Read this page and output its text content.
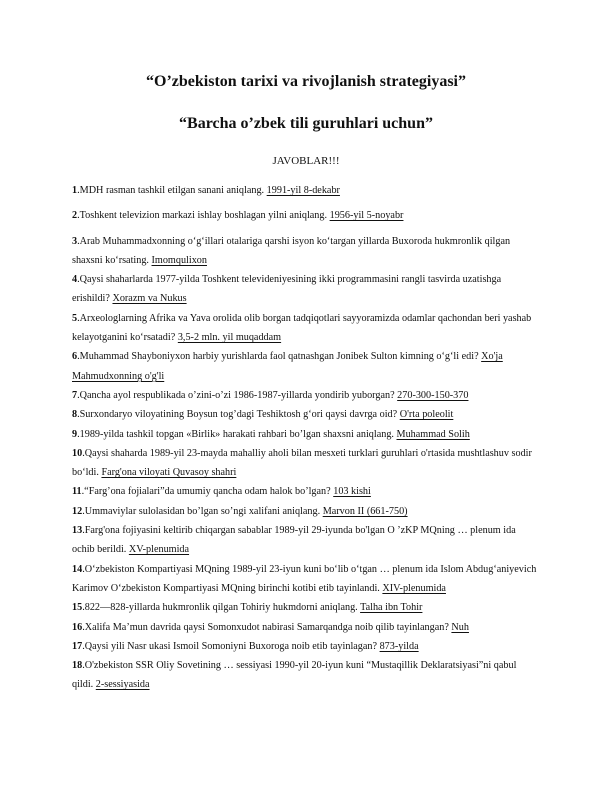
“O’zbekiston tarixi va rivojlanish strategiyasi”
“Barcha o’zbek tili guruhlari uchun”
JAVOBLAR!!!

1.MDH rasman tashkil etilgan sanani aniqlang. 1991-yil 8-dekabr

2.Toshkent televizion markazi ishlay boshlagan yilni aniqlang. 1956-yil 5-noyabr

3.Arab Muhammadxonning o‘g‘illari otalariga qarshi isyon ko‘targan yillarda Buxoroda hukmronlik qilgan shaxsni ko‘rsating. Imomqulixon

4.Qaysi shaharlarda 1977-yilda Toshkent televideniyesining ikki programmasini rangli tasvirda uzatishga erishildi? Xorazm va Nukus

5.Arxeologlarning Afrika va Yava orolida olib borgan tadqiqotlari sayyoramizda odamlar qachondan beri yashab kelayotganini ko‘rsatadi? 3,5-2 mln. yil muqaddam

6.Muhammad Shayboniyxon harbiy yurishlarda faol qatnashgan Jonibek Sulton kimning o‘g‘li edi? Xo'ja Mahmudxonning o'g'li

7.Qancha ayol respublikada o’zini-o’zi 1986-1987-yillarda yondirib yuborgan? 270-300-150-370

8.Surxondaryo viloyatining Boysun tog’dagi Teshiktosh g‘ori qaysi davrga oid? O'rta poleolit

9.1989-yilda tashkil topgan «Birlik» harakati rahbari bo’lgan shaxsni aniqlang. Muhammad Solih

10.Qaysi shaharda 1989-yil 23-mayda mahalliy aholi bilan mesxeti turklari guruhlari o'rtasida mushtlashuv sodir bo‘ldi. Farg'ona viloyati Quvasoy shahri

11.“Farg’ona fojialari”da umumiy qancha odam halok bo’lgan? 103 kishi

12.Ummaviylar sulolasidan bo’lgan so’ngi xalifani aniqlang. Marvon II (661-750)

13.Farg'ona fojiyasini keltirib chiqargan sabablar 1989-yil 29-iyunda bo'lgan O ’zKP MQning … plenum ida ochib berildi. XV-plenumida

14.O‘zbekiston Kompartiyasi MQning 1989-yil 23-iyun kuni bo‘lib o‘tgan … plenum ida Islom Abdug‘aniyevich Karimov O‘zbekiston Kompartiyasi MQning birinchi kotibi etib tayinlandi. XIV-plenumida

15.822—828-yillarda hukmronlik qilgan Tohiriy hukmdorni aniqlang. Talha ibn Tohir

16.Xalifa Ma’mun davrida qaysi Somonxudot nabirasi Samarqandga noib qilib tayinlangan? Nuh

17.Qaysi yili Nasr ukasi Ismoil Somoniyni Buxoroga noib etib tayinlagan? 873-yilda

18.O'zbekiston SSR Oliy Sovetining … sessiyasi 1990-yil 20-iyun kuni “Mustaqillik Deklaratsiyasi”ni qabul qildi. 2-sessiyasida
